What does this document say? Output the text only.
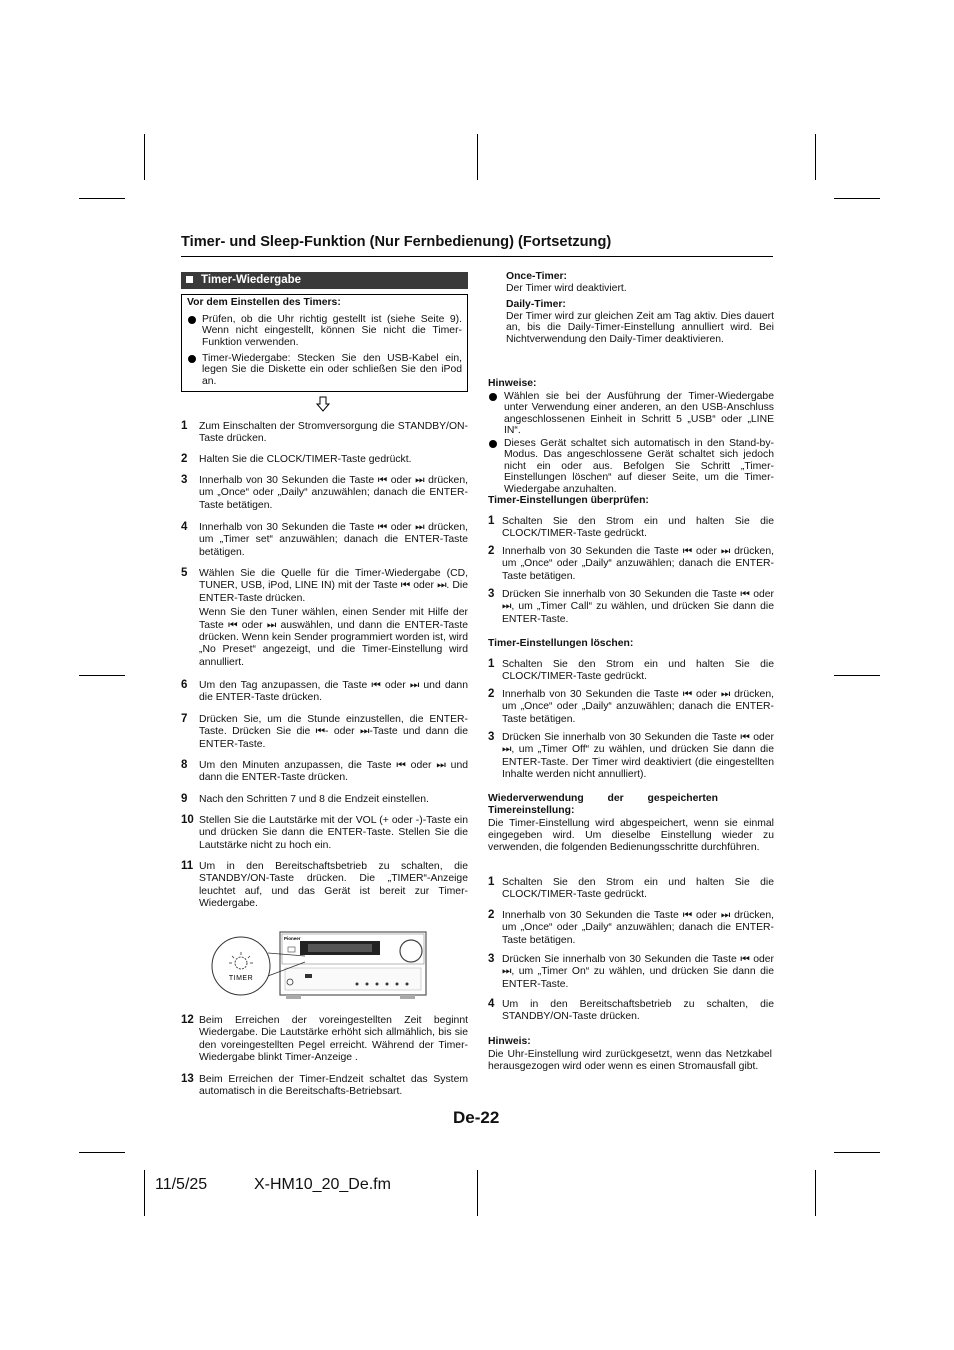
Timer- und Sleep-Funktion (Nur Fernbedienung) (Fortsetzung)
Timer-Wiedergabe
Vor dem Einstellen des Timers:
Prüfen, ob die Uhr richtig gestellt ist (siehe Seite 9). Wenn nicht eingestellt, können Sie nicht die Timer-Funktion verwenden.
Timer-Wiedergabe: Stecken Sie den USB-Kabel ein, legen Sie die Diskette ein oder schließen Sie den iPod an.
1 Zum Einschalten der Stromversorgung die STANDBY/ON-Taste drücken.
2 Halten Sie die CLOCK/TIMER-Taste gedrückt.
3 Innerhalb von 30 Sekunden die Taste ⏮ oder ⏭ drücken, um „Once“ oder „Daily“ anzuwählen; danach die ENTER-Taste betätigen.
4 Innerhalb von 30 Sekunden die Taste ⏮ oder ⏭ drücken, um „Timer set“ anzuwählen; danach die ENTER-Taste betätigen.
5 Wählen Sie die Quelle für die Timer-Wiedergabe (CD, TUNER, USB, iPod, LINE IN) mit der Taste ⏮ oder ⏭. Die ENTER-Taste drücken.
Wenn Sie den Tuner wählen, einen Sender mit Hilfe der Taste ⏮ oder ⏭ auswählen, und dann die ENTER-Taste drücken. Wenn kein Sender programmiert worden ist, wird „No Preset“ angezeigt, und die Timer-Einstellung wird annulliert.
6 Um den Tag anzupassen, die Taste ⏮ oder ⏭ und dann die ENTER-Taste drücken.
7 Drücken Sie, um die Stunde einzustellen, die ENTER-Taste. Drücken Sie die ⏮- oder ⏭-Taste und dann die ENTER-Taste.
8 Um den Minuten anzupassen, die Taste ⏮ oder ⏭ und dann die ENTER-Taste drücken.
9 Nach den Schritten 7 und 8 die Endzeit einstellen.
10 Stellen Sie die Lautstärke mit der VOL (+ oder -)-Taste ein und drücken Sie dann die ENTER-Taste. Stellen Sie die Lautstärke nicht zu hoch ein.
11 Um in den Bereitschaftsbetrieb zu schalten, die STANDBY/ON-Taste drücken. Die „TIMER“-Anzeige leuchtet auf, und das Gerät ist bereit zur Timer-Wiedergabe.
Pioneer
TIMER
12 Beim Erreichen der voreingestellten Zeit beginnt Wiedergabe. Die Lautstärke erhöht sich allmählich, bis sie den voreingestellten Pegel erreicht. Während der Timer-Wiedergabe blinkt Timer-Anzeige .
13 Beim Erreichen der Timer-Endzeit schaltet das System automatisch in die Bereitschafts-Betriebsart.
Once-Timer:
Der Timer wird deaktiviert.
Daily-Timer:
Der Timer wird zur gleichen Zeit am Tag aktiv. Dies dauert an, bis die Daily-Timer-Einstellung annulliert wird. Bei Nichtverwendung den Daily-Timer deaktivieren.
Hinweise:
Wählen sie bei der Ausführung der Timer-Wiedergabe unter Verwendung einer anderen, an den USB-Anschluss angeschlossenen Einheit in Schritt 5 „USB“ oder „LINE IN“.
Dieses Gerät schaltet sich automatisch in den Stand-by-Modus. Das angeschlossene Gerät schaltet sich jedoch nicht ein oder aus. Befolgen Sie Schritt „Timer-Einstellungen löschen“ auf dieser Seite, um die Timer-Wiedergabe anzuhalten.
Timer-Einstellungen überprüfen:
1 Schalten Sie den Strom ein und halten Sie die CLOCK/TIMER-Taste gedrückt.
2 Innerhalb von 30 Sekunden die Taste ⏮ oder ⏭ drücken, um „Once“ oder „Daily“ anzuwählen; danach die ENTER-Taste betätigen.
3 Drücken Sie innerhalb von 30 Sekunden die Taste ⏮ oder ⏭, um „Timer Call“ zu wählen, und drücken Sie dann die ENTER-Taste.
Timer-Einstellungen löschen:
1 Schalten Sie den Strom ein und halten Sie die CLOCK/TIMER-Taste gedrückt.
2 Innerhalb von 30 Sekunden die Taste ⏮ oder ⏭ drücken, um „Once“ oder „Daily“ anzuwählen; danach die ENTER-Taste betätigen.
3 Drücken Sie innerhalb von 30 Sekunden die Taste ⏮ oder ⏭, um „Timer Off“ zu wählen, und drücken Sie dann die ENTER-Taste. Der Timer wird deaktiviert (die eingestellten Inhalte werden nicht annulliert).
Wiederverwendung der gespeicherten Timereinstellung:
Die Timer-Einstellung wird abgespeichert, wenn sie einmal eingegeben wird. Um dieselbe Einstellung wieder zu verwenden, die folgenden Bedienungsschritte durchführen.
1 Schalten Sie den Strom ein und halten Sie die CLOCK/TIMER-Taste gedrückt.
2 Innerhalb von 30 Sekunden die Taste ⏮ oder ⏭ drücken, um „Once“ oder „Daily“ anzuwählen; danach die ENTER-Taste betätigen.
3 Drücken Sie innerhalb von 30 Sekunden die Taste ⏮ oder ⏭, um „Timer On“ zu wählen, und drücken Sie dann die ENTER-Taste.
4 Um in den Bereitschaftsbetrieb zu schalten, die STANDBY/ON-Taste drücken.
Hinweis:
Die Uhr-Einstellung wird zurückgesetzt, wenn das Netzkabel herausgezogen wird oder wenn es einen Stromausfall gibt.
De-22
11/5/25	X-HM10_20_De.fm
